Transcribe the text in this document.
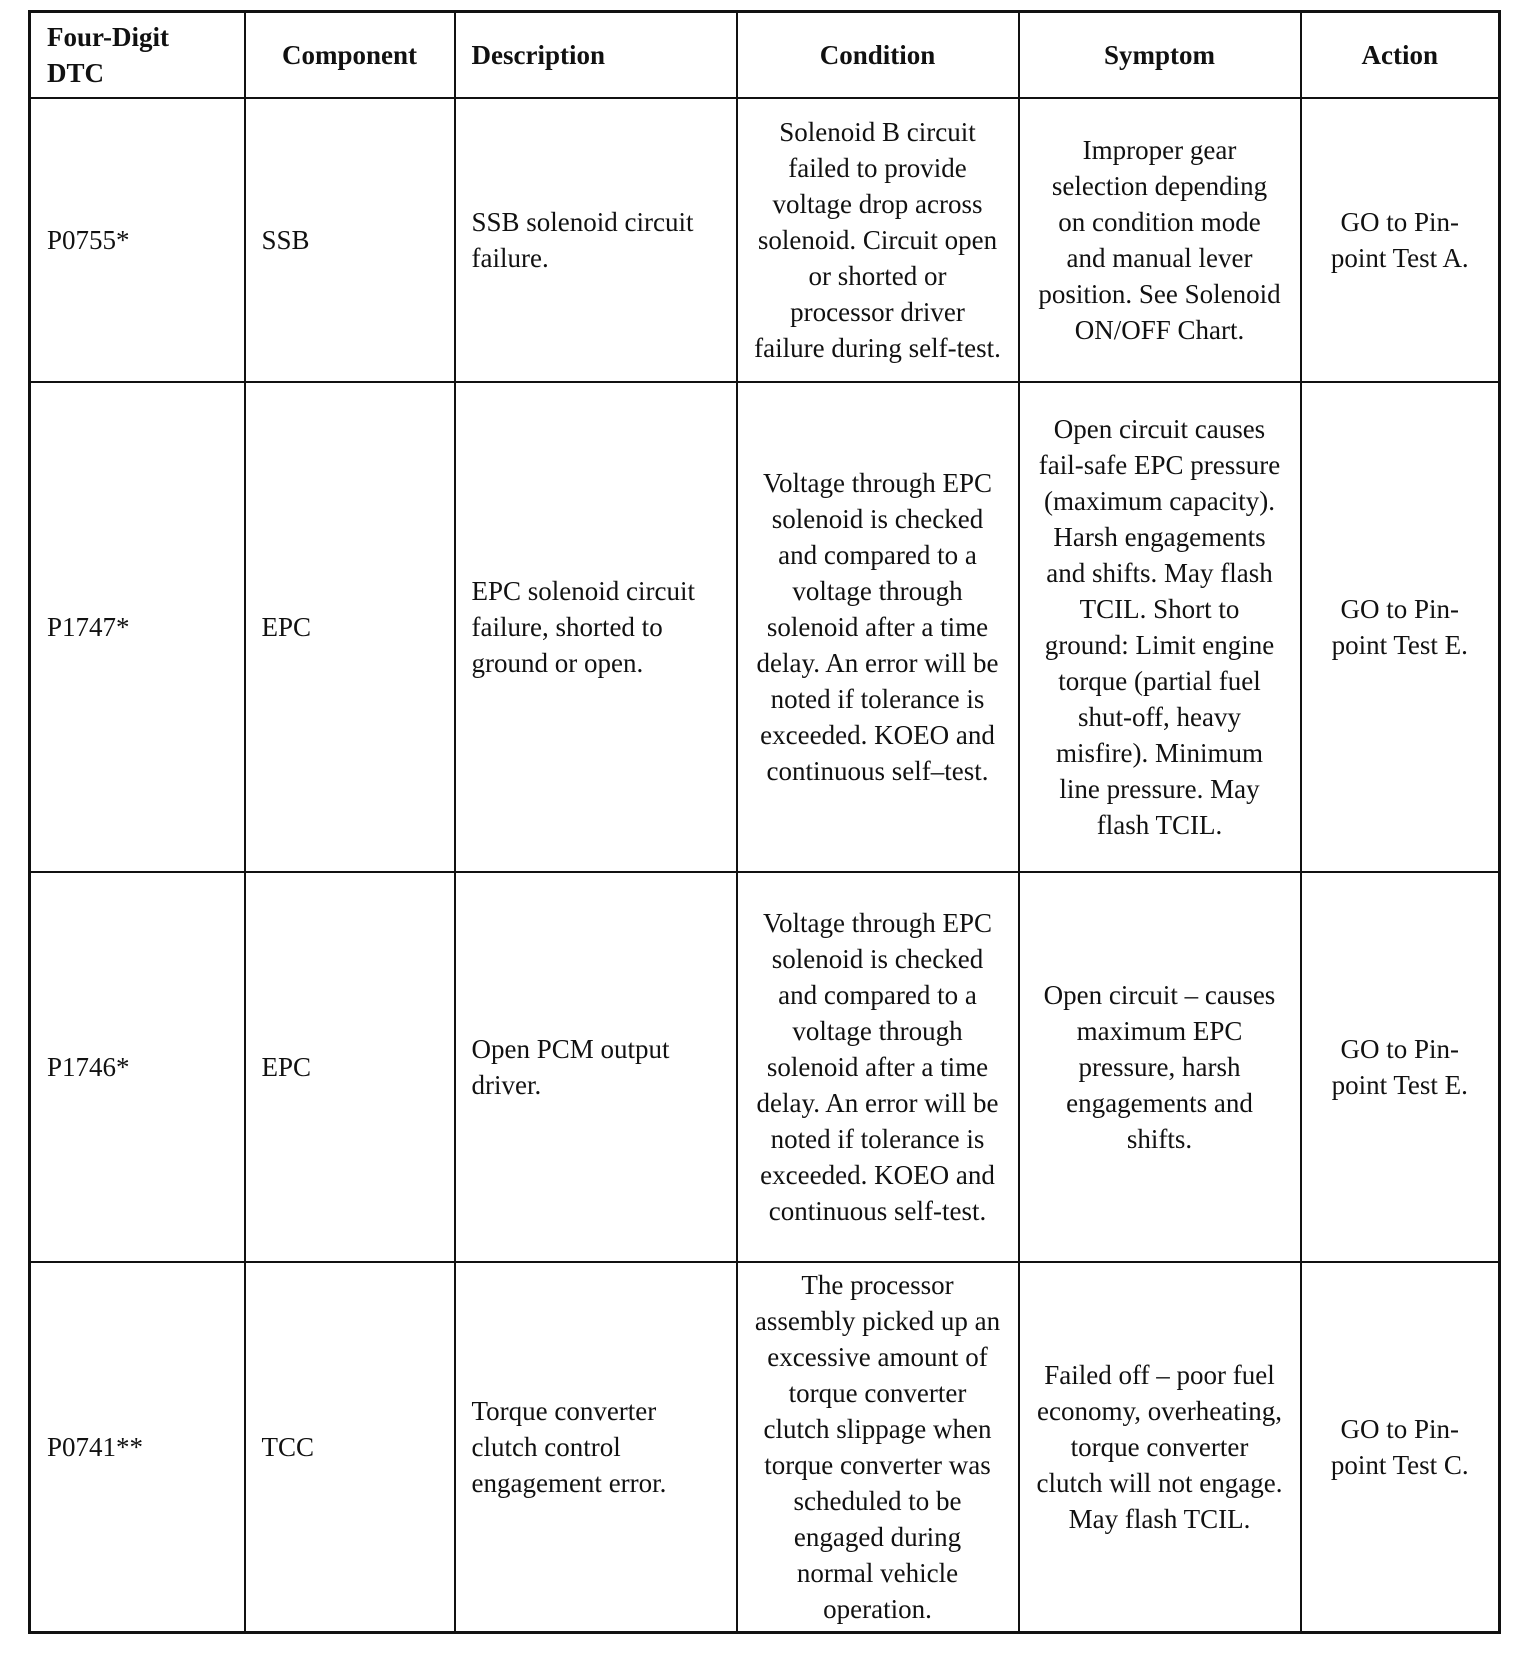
Four-Digit DTC	Component	Description	Condition	Symptom	Action
P0755*	SSB	SSB solenoid circuit failure.	Solenoid B circuit failed to provide voltage drop across solenoid. Circuit open or shorted or processor driver failure during self-test.	Improper gear selection depending on condition mode and manual lever position. See Solenoid ON/OFF Chart.	GO to Pin-point Test A.
P1747*	EPC	EPC solenoid circuit failure, shorted to ground or open.	Voltage through EPC solenoid is checked and compared to a voltage through solenoid after a time delay. An error will be noted if tolerance is exceeded. KOEO and continuous self–test.	Open circuit causes fail-safe EPC pressure (maximum capacity). Harsh engagements and shifts. May flash TCIL. Short to ground: Limit engine torque (partial fuel shut-off, heavy misfire). Minimum line pressure. May flash TCIL.	GO to Pin-point Test E.
P1746*	EPC	Open PCM output driver.	Voltage through EPC solenoid is checked and compared to a voltage through solenoid after a time delay. An error will be noted if tolerance is exceeded. KOEO and continuous self-test.	Open circuit – causes maximum EPC pressure, harsh engagements and shifts.	GO to Pin-point Test E.
P0741**	TCC	Torque converter clutch control engagement error.	The processor assembly picked up an excessive amount of torque converter clutch slippage when torque converter was scheduled to be engaged during normal vehicle operation.	Failed off – poor fuel economy, overheating, torque converter clutch will not engage. May flash TCIL.	GO to Pin-point Test C.
